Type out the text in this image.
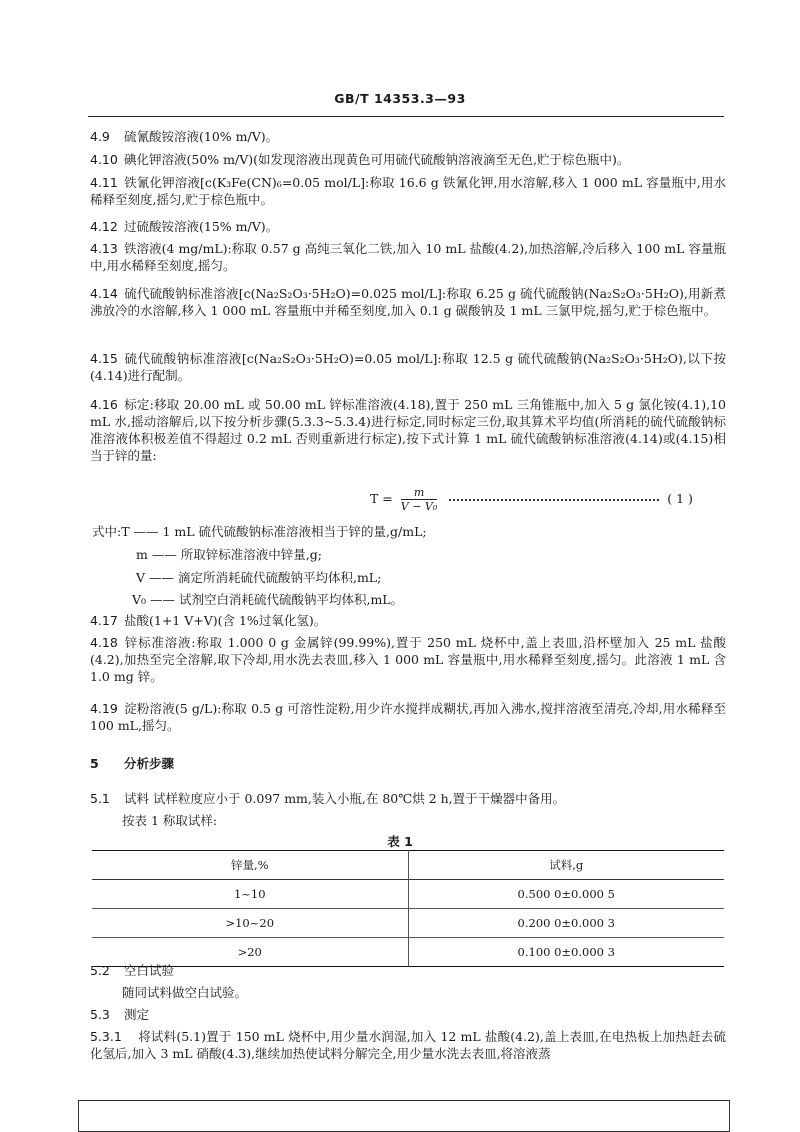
GB/T 14353.3—93
4.9 硫氰酸铵溶液(10% m/V)。
4.10 碘化钾溶液(50% m/V)(如发现溶液出现黄色可用硫代硫酸钠溶液滴至无色,贮于棕色瓶中)。
4.11 铁氰化钾溶液[c(K₃Fe(CN)₆=0.05 mol/L]:称取 16.6 g 铁氰化钾,用水溶解,移入 1 000 mL 容量瓶中,用水稀释至刻度,摇匀,贮于棕色瓶中。
4.12 过硫酸铵溶液(15% m/V)。
4.13 铁溶液(4 mg/mL):称取 0.57 g 高纯三氧化二铁,加入 10 mL 盐酸(4.2),加热溶解,冷后移入 100 mL 容量瓶中,用水稀释至刻度,摇匀。
4.14 硫代硫酸钠标准溶液[c(Na₂S₂O₃·5H₂O)=0.025 mol/L]:称取 6.25 g 硫代硫酸钠(Na₂S₂O₃·5H₂O),用新煮沸放冷的水溶解,移入 1 000 mL 容量瓶中并稀至刻度,加入 0.1 g 碳酸钠及 1 mL 三氯甲烷,摇匀,贮于棕色瓶中。
4.15 硫代硫酸钠标准溶液[c(Na₂S₂O₃·5H₂O)=0.05 mol/L]:称取 12.5 g 硫代硫酸钠(Na₂S₂O₃·5H₂O),以下按(4.14)进行配制。
4.16 标定:移取 20.00 mL 或 50.00 mL 锌标准溶液(4.18),置于 250 mL 三角锥瓶中,加入 5 g 氯化铵(4.1),10 mL 水,摇动溶解后,以下按分析步骤(5.3.3~5.3.4)进行标定,同时标定三份,取其算术平均值(所消耗的硫代硫酸钠标准溶液体积极差值不得超过 0.2 mL 否则重新进行标定),按下式计算 1 mL 硫代硫酸钠标准溶液(4.14)或(4.15)相当于锌的量:
$T = \frac{m}{\text{V − V₀}}$	( 1 )
式中:T —— 1 mL 硫代硫酸钠标准溶液相当于锌的量,g/mL;
m —— 所取锌标准溶液中锌量,g;
V —— 滴定所消耗硫代硫酸钠平均体积,mL;
V₀ —— 试剂空白消耗硫代硫酸钠平均体积,mL。
4.17 盐酸(1+1 V+V)(含 1%过氧化氢)。
4.18 锌标准溶液:称取 1.000 0 g 金属锌(99.99%),置于 250 mL 烧杯中,盖上表皿,沿杯壁加入 25 mL 盐酸(4.2),加热至完全溶解,取下冷却,用水洗去表皿,移入 1 000 mL 容量瓶中,用水稀释至刻度,摇匀。此溶液 1 mL 含 1.0 mg 锌。
4.19 淀粉溶液(5 g/L):称取 0.5 g 可溶性淀粉,用少许水搅拌成糊状,再加入沸水,搅拌溶液至清亮,冷却,用水稀释至 100 mL,摇匀。
5 分析步骤
5.1 试料 试样粒度应小于 0.097 mm,装入小瓶,在 80℃烘 2 h,置于干燥器中备用。
按表 1 称取试样:
表 1
锌量,%	试料,g
1~10	0.500 0±0.000 5
>10~20	0.200 0±0.000 3
>20	0.100 0±0.000 3
5.2 空白试验
随同试料做空白试验。
5.3 测定
5.3.1 将试料(5.1)置于 150 mL 烧杯中,用少量水润湿,加入 12 mL 盐酸(4.2),盖上表皿,在电热板上加热赶去硫化氢后,加入 3 mL 硝酸(4.3),继续加热使试料分解完全,用少量水洗去表皿,将溶液蒸
